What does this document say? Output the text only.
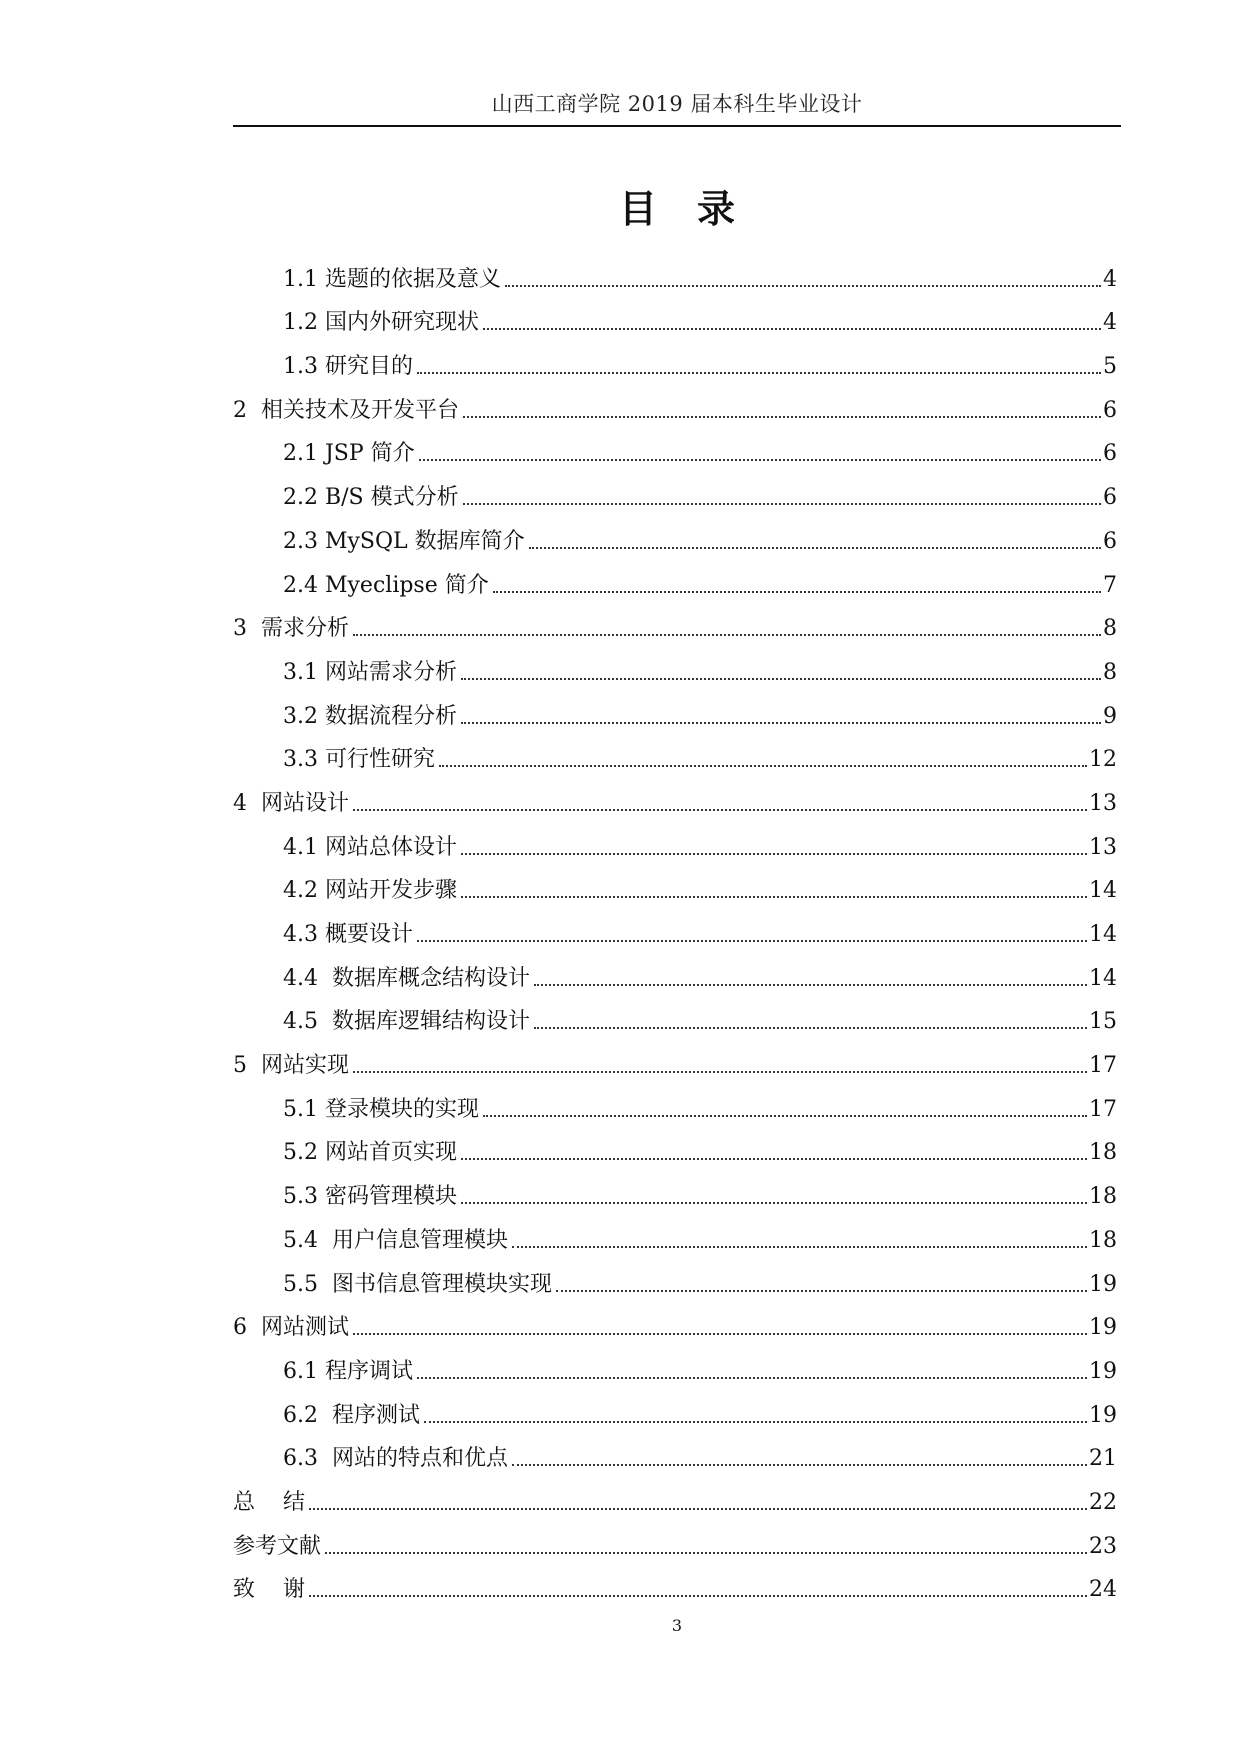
山西工商学院 2019 届本科生毕业设计
目录
1.1 选题的依据及意义	4
1.2 国内外研究现状	4
1.3 研究目的	5
2  相关技术及开发平台	6
2.1 JSP 简介	6
2.2 B/S 模式分析	6
2.3 MySQL 数据库简介	6
2.4 Myeclipse 简介	7
3  需求分析	8
3.1 网站需求分析	8
3.2 数据流程分析	9
3.3 可行性研究	12
4  网站设计	13
4.1 网站总体设计	13
4.2 网站开发步骤	14
4.3 概要设计	14
4.4  数据库概念结构设计	14
4.5  数据库逻辑结构设计	15
5  网站实现	17
5.1 登录模块的实现	17
5.2 网站首页实现	18
5.3 密码管理模块	18
5.4  用户信息管理模块	18
5.5  图书信息管理模块实现	19
6  网站测试	19
6.1 程序调试	19
6.2  程序测试	19
6.3  网站的特点和优点	21
总    结	22
参考文献	23
致    谢	24
3
